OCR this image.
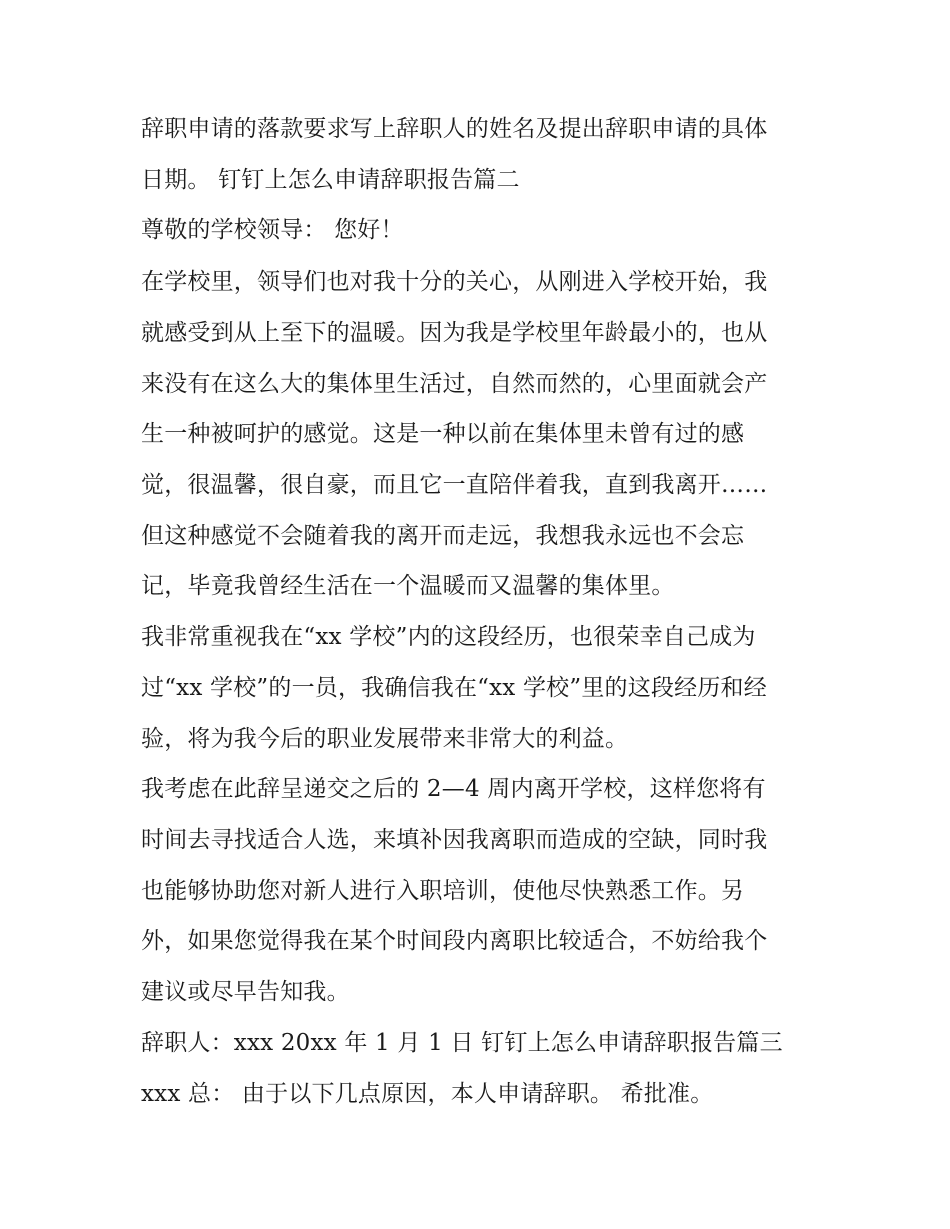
辞职申请的落款要求写上辞职人的姓名及提出辞职申请的具体
日期。 钉钉上怎么申请辞职报告篇二
尊敬的学校领导： 您好！
在学校里，领导们也对我十分的关心，从刚进入学校开始，我
就感受到从上至下的温暖。因为我是学校里年龄最小的，也从
来没有在这么大的集体里生活过，自然而然的，心里面就会产
生一种被呵护的感觉。这是一种以前在集体里未曾有过的感
觉，很温馨，很自豪，而且它一直陪伴着我，直到我离开……
但这种感觉不会随着我的离开而走远，我想我永远也不会忘
记，毕竟我曾经生活在一个温暖而又温馨的集体里。
我非常重视我在“xx 学校”内的这段经历，也很荣幸自己成为
过“xx 学校”的一员，我确信我在“xx 学校”里的这段经历和经
验，将为我今后的职业发展带来非常大的利益。
我考虑在此辞呈递交之后的 2—4 周内离开学校，这样您将有
时间去寻找适合人选，来填补因我离职而造成的空缺，同时我
也能够协助您对新人进行入职培训，使他尽快熟悉工作。另
外，如果您觉得我在某个时间段内离职比较适合，不妨给我个
建议或尽早告知我。
辞职人：xxx 20xx 年 1 月 1 日 钉钉上怎么申请辞职报告篇三
xxx 总： 由于以下几点原因，本人申请辞职。 希批准。
